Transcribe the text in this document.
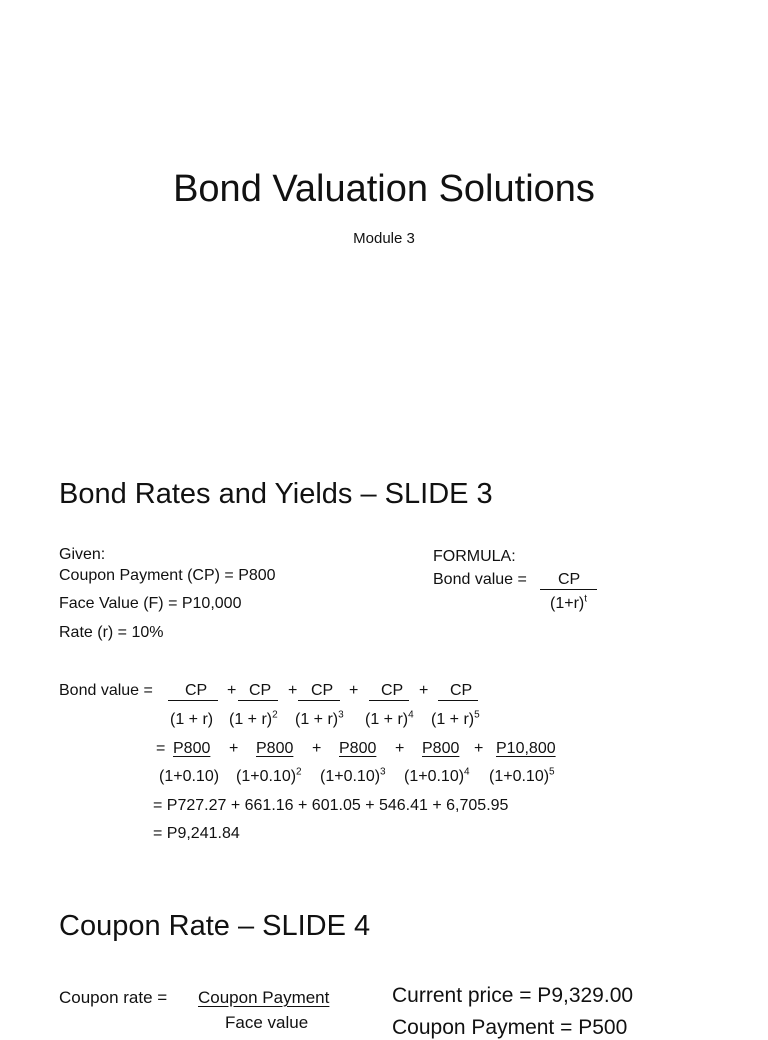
Bond Valuation Solutions
Module 3
Bond Rates and Yields – SLIDE 3
Given:
Coupon Payment (CP) = P800
Face Value (F) = P10,000
Rate (r) = 10%
FORMULA:
Bond value = CP
$(1+r)^t$
Bond value = CP + CP + CP + CP + CP
(1 + r) $(1 + r)^2$ $(1 + r)^3$ $(1 + r)^4$ $(1 + r)^5$
= P800 + P800 + P800 + P800 + P10,800
(1+0.10) $(1+0.10)^2$ $(1+0.10)^3$ $(1+0.10)^4$ $(1+0.10)^5$
= P727.27 + 661.16 + 601.05 + 546.41 + 6,705.95
= P9,241.84
Coupon Rate – SLIDE 4
Coupon rate = Coupon Payment
Face value
Current price = P9,329.00
Coupon Payment = P500
